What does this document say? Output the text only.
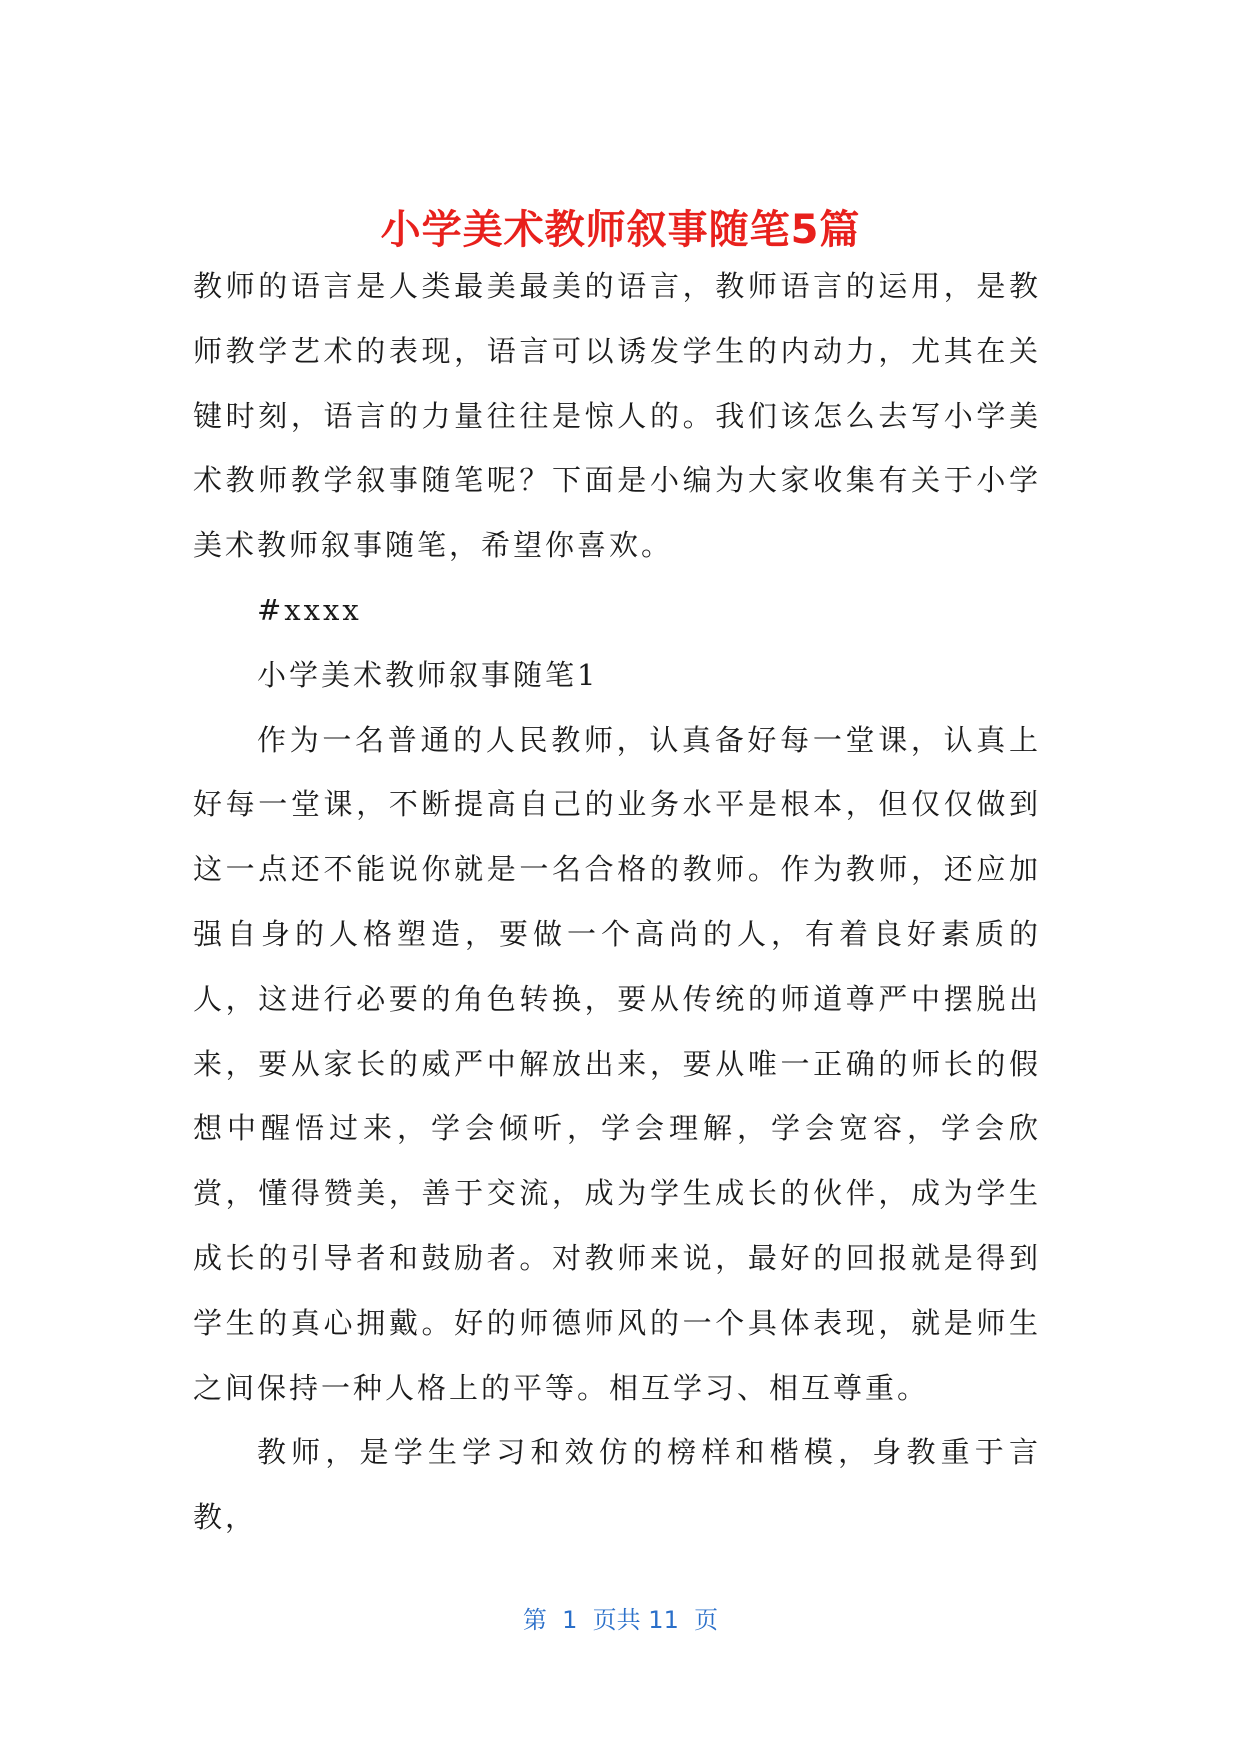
小学美术教师叙事随笔5篇

教师的语言是人类最美最美的语言，教师语言的运用，是教师教学艺术的表现，语言可以诱发学生的内动力，尤其在关键时刻，语言的力量往往是惊人的。我们该怎么去写小学美术教师教学叙事随笔呢？下面是小编为大家收集有关于小学美术教师叙事随笔，希望你喜欢。

#xxxx

小学美术教师叙事随笔1

作为一名普通的人民教师，认真备好每一堂课，认真上好每一堂课，不断提高自己的业务水平是根本，但仅仅做到这一点还不能说你就是一名合格的教师。作为教师，还应加强自身的人格塑造，要做一个高尚的人，有着良好素质的人，这进行必要的角色转换，要从传统的师道尊严中摆脱出来，要从家长的威严中解放出来，要从唯一正确的师长的假想中醒悟过来，学会倾听，学会理解，学会宽容，学会欣赏，懂得赞美，善于交流，成为学生成长的伙伴，成为学生成长的引导者和鼓励者。对教师来说，最好的回报就是得到学生的真心拥戴。好的师德师风的一个具体表现，就是师生之间保持一种人格上的平等。相互学习、相互尊重。

教师，是学生学习和效仿的榜样和楷模，身教重于言教，

第  1  页共 11  页
